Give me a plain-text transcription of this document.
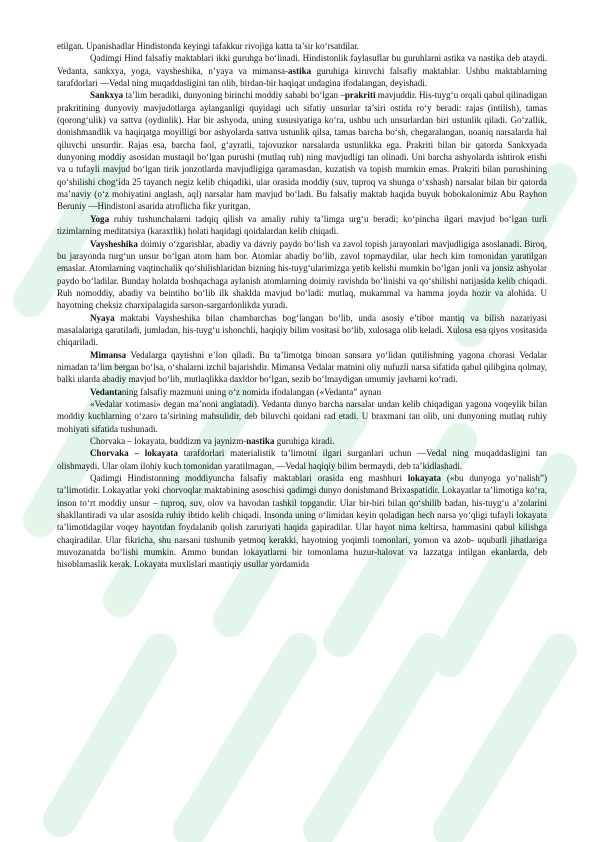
etilgan. Upanishadlar Hindistonda keyingi tafakkur rivojiga katta ta’sir ko‘rsatdilar.

Qadimgi Hind falsafiy maktablari ikki guruhga bo‘linadi. Hindistonlik faylasuflar bu guruhlarni astika va nastika deb ataydi. Vedanta, sankxya, yoga, vaysheshika, n’yaya va mimansa-astika guruhiga kiruvchi falsafiy maktablar. Ushbu maktablarning tarafdorlari ―Vedal ning muqaddasligini tan olib, birdan-bir haqiqat undagina ifodalangan, deyishadi.

Sankxya ta’lim beradiki, dunyoning birinchi moddiy sababi bo‘lgan –prakriti mavjuddir. His-tuyg‘u orqali qabul qilinadigan prakritining dunyoviy mavjudotlarga aylanganligi quyidagi uch sifatiy unsurlar ta’siri ostida ro‘y beradi: rajas (intilish), tamas (qorong‘ulik) va sattva (oydinlik). Har bir ashyoda, uning xususiyatiga ko‘ra, ushbu uch unsurlardan biri ustunlik qiladi. Go‘zallik, donishmandlik va haqiqatga moyilligi bor ashyolarda sattva ustunlik qilsa, tamas barcha bo‘sh, chegaralangan, noaniq narsalarda hal qiluvchi unsurdir. Rajas esa, barcha faol, g‘ayratli, tajovuzkor narsalarda ustunlikka ega. Prakriti bilan bir qatorda Sankxyada dunyoning moddiy asosidan mustaqil bo‘lgan purushi (mutlaq ruh) ning mavjudligi tan olinadi. Uni barcha ashyolarda ishtirok etishi va u tufayli mavjud bo‘lgan tirik jonzotlarda mavjudligiga qaramasdan, kuzatish va topish mumkin emas. Prakriti bilan purushining qo‘shilishi chog‘ida 25 tayanch negiz kelib chiqadiki, ular orasida moddiy (suv, tuproq va shunga o‘xshash) narsalar bilan bir qatorda ma’naviy (o‘z mohiyatini anglash, aql) narsalar ham mavjud bo‘ladi. Bu falsafiy maktab haqida buyuk bobokalonimiz Abu Rayhon Beruniy ―Hindistonl asarida atroflicha fikr yuritgan.

Yoga ruhiy tushunchalarni tadqiq qilish va amaliy ruhiy ta’limga urg‘u beradi; ko‘pincha ilgari mavjud bo‘lgan turli tizimlarning meditatsiya (karaxtlik) holati haqidagi qoidalardan kelib chiqadi.

Vaysheshika doimiy o‘zgarishlar, abadiy va davriy paydo bo‘lish va zavol topish jarayonlari mavjudligiga asoslanadi. Biroq, bu jarayonda turg‘un unsur bo‘lgan atom ham bor. Atomlar abadiy bo‘lib, zavol topmaydilar, ular hech kim tomonidan yaratilgan emaslar. Atomlarning vaqtinchalik qo‘shilishlaridan bizning his-tuyg‘ularimizga yetib kelishi mumkin bo‘lgan jonli va jonsiz ashyolar paydo bo‘ladilar. Bunday holatda boshqachaga aylanish atomlarning doimiy ravishda bo‘linishi va qo‘shilishi natijasida kelib chiqadi. Ruh nomoddiy, abadiy va beintiho bo‘lib ilk shaklda mavjud bo‘ladi: mutlaq, mukammal va hamma joyda hozir va alohida. U hayotning cheksiz charxipalagida sarson-sargardonlikda yuradi.

Nyaya maktabi Vaysheshika bilan chambarchas bog‘langan bo‘lib, unda asosiy e’tibor mantiq va bilish nazariyasi masalalariga qaratiladi, jumladan, his-tuyg‘u ishonchli, haqiqiy bilim vositasi bo‘lib, xulosaga olib keladi. Xulosa esa qiyos vositasida chiqariladi.

Mimansa Vedalarga qaytishni e’lon qiladi. Bu ta’limotga binoan sansara yo‘lidan qutilishning yagona chorasi Vedalar nimadan ta’lim bergan bo‘lsa, o‘shalarni izchil bajarishdir. Mimansa Vedalar matnini oliy nufuzli narsa sifatida qabul qilibgina qolmay, balki ularda abadiy mavjud bo‘lib, mutlaqlikka daxldor bo‘lgan, sezib bo‘lmaydigan umumiy javharni ko‘radi.

Vedantaning falsafiy mazmuni uning o‘z nomida ifodalangan («Vedanta” aynan

«Vedalar xotimasi» degan ma’noni anglatadi). Vedanta dunyo barcha narsalar undan kelib chiqadigan yagona voqeylik bilan moddiy kuchlarning o‘zaro ta’sirining mahsulidir, deb biluvchi qoidani rad etadi. U braxmani tan olib, uni dunyoning mutlaq ruhiy mohiyati sifatida tushunadi.

Chorvaka – lokayata, buddizm va jaynizm-nastika guruhiga kiradi.

Chorvaka – lokayata tarafdorlari materialistik ta’limotni ilgari surganlari uchun ―Vedal ning muqaddasligini tan olishmaydi. Ular olam ilohiy kuch tomonidan yaratilmagan, ―Vedal haqiqiy bilim bermaydi, deb ta’kidlashadi.

Qadimgi Hindistonning moddiyuncha falsafiy maktablari orasida eng mashhuri lokayata («bu dunyoga yo‘nalish”) ta’limotidir. Lokayatlar yoki chorvoqlar maktabining asoschisi qadimgi dunyo donishmand Brixaspatidir. Lokayatlar ta’limotiga ko‘ra, inson to‘rt moddiy unsur – tuproq, suv, olov va havodan tashkil topgandir. Ular bir-biri bilan qo‘shilib badan, his-tuyg‘u a’zolarini shakllantiradi va ular asosida ruhiy ibtido kelib chiqadi. Insonda uning o‘limidan keyin qoladigan hech narsa yo‘qligi tufayli lokayata ta’limotidagilar voqey hayotdan foydalanib qolish zaruriyati haqida gapiradilar. Ular hayot nima keltirsa, hammasini qabul kilishga chaqiradilar. Ular fikricha, shu narsani tushunib yetmoq kerakki, hayotning yoqimli tomonlari, yomon va azob- uqubatli jihatlariga muvozanatda bo‘lishi mumkin. Ammo bundan lokayatlarni bir tomonlama huzur-halovat va lazzatga intilgan ekanlarda, deb hisoblamaslik kerak. Lokayata muxlislari mantiqiy usullar yordamida
